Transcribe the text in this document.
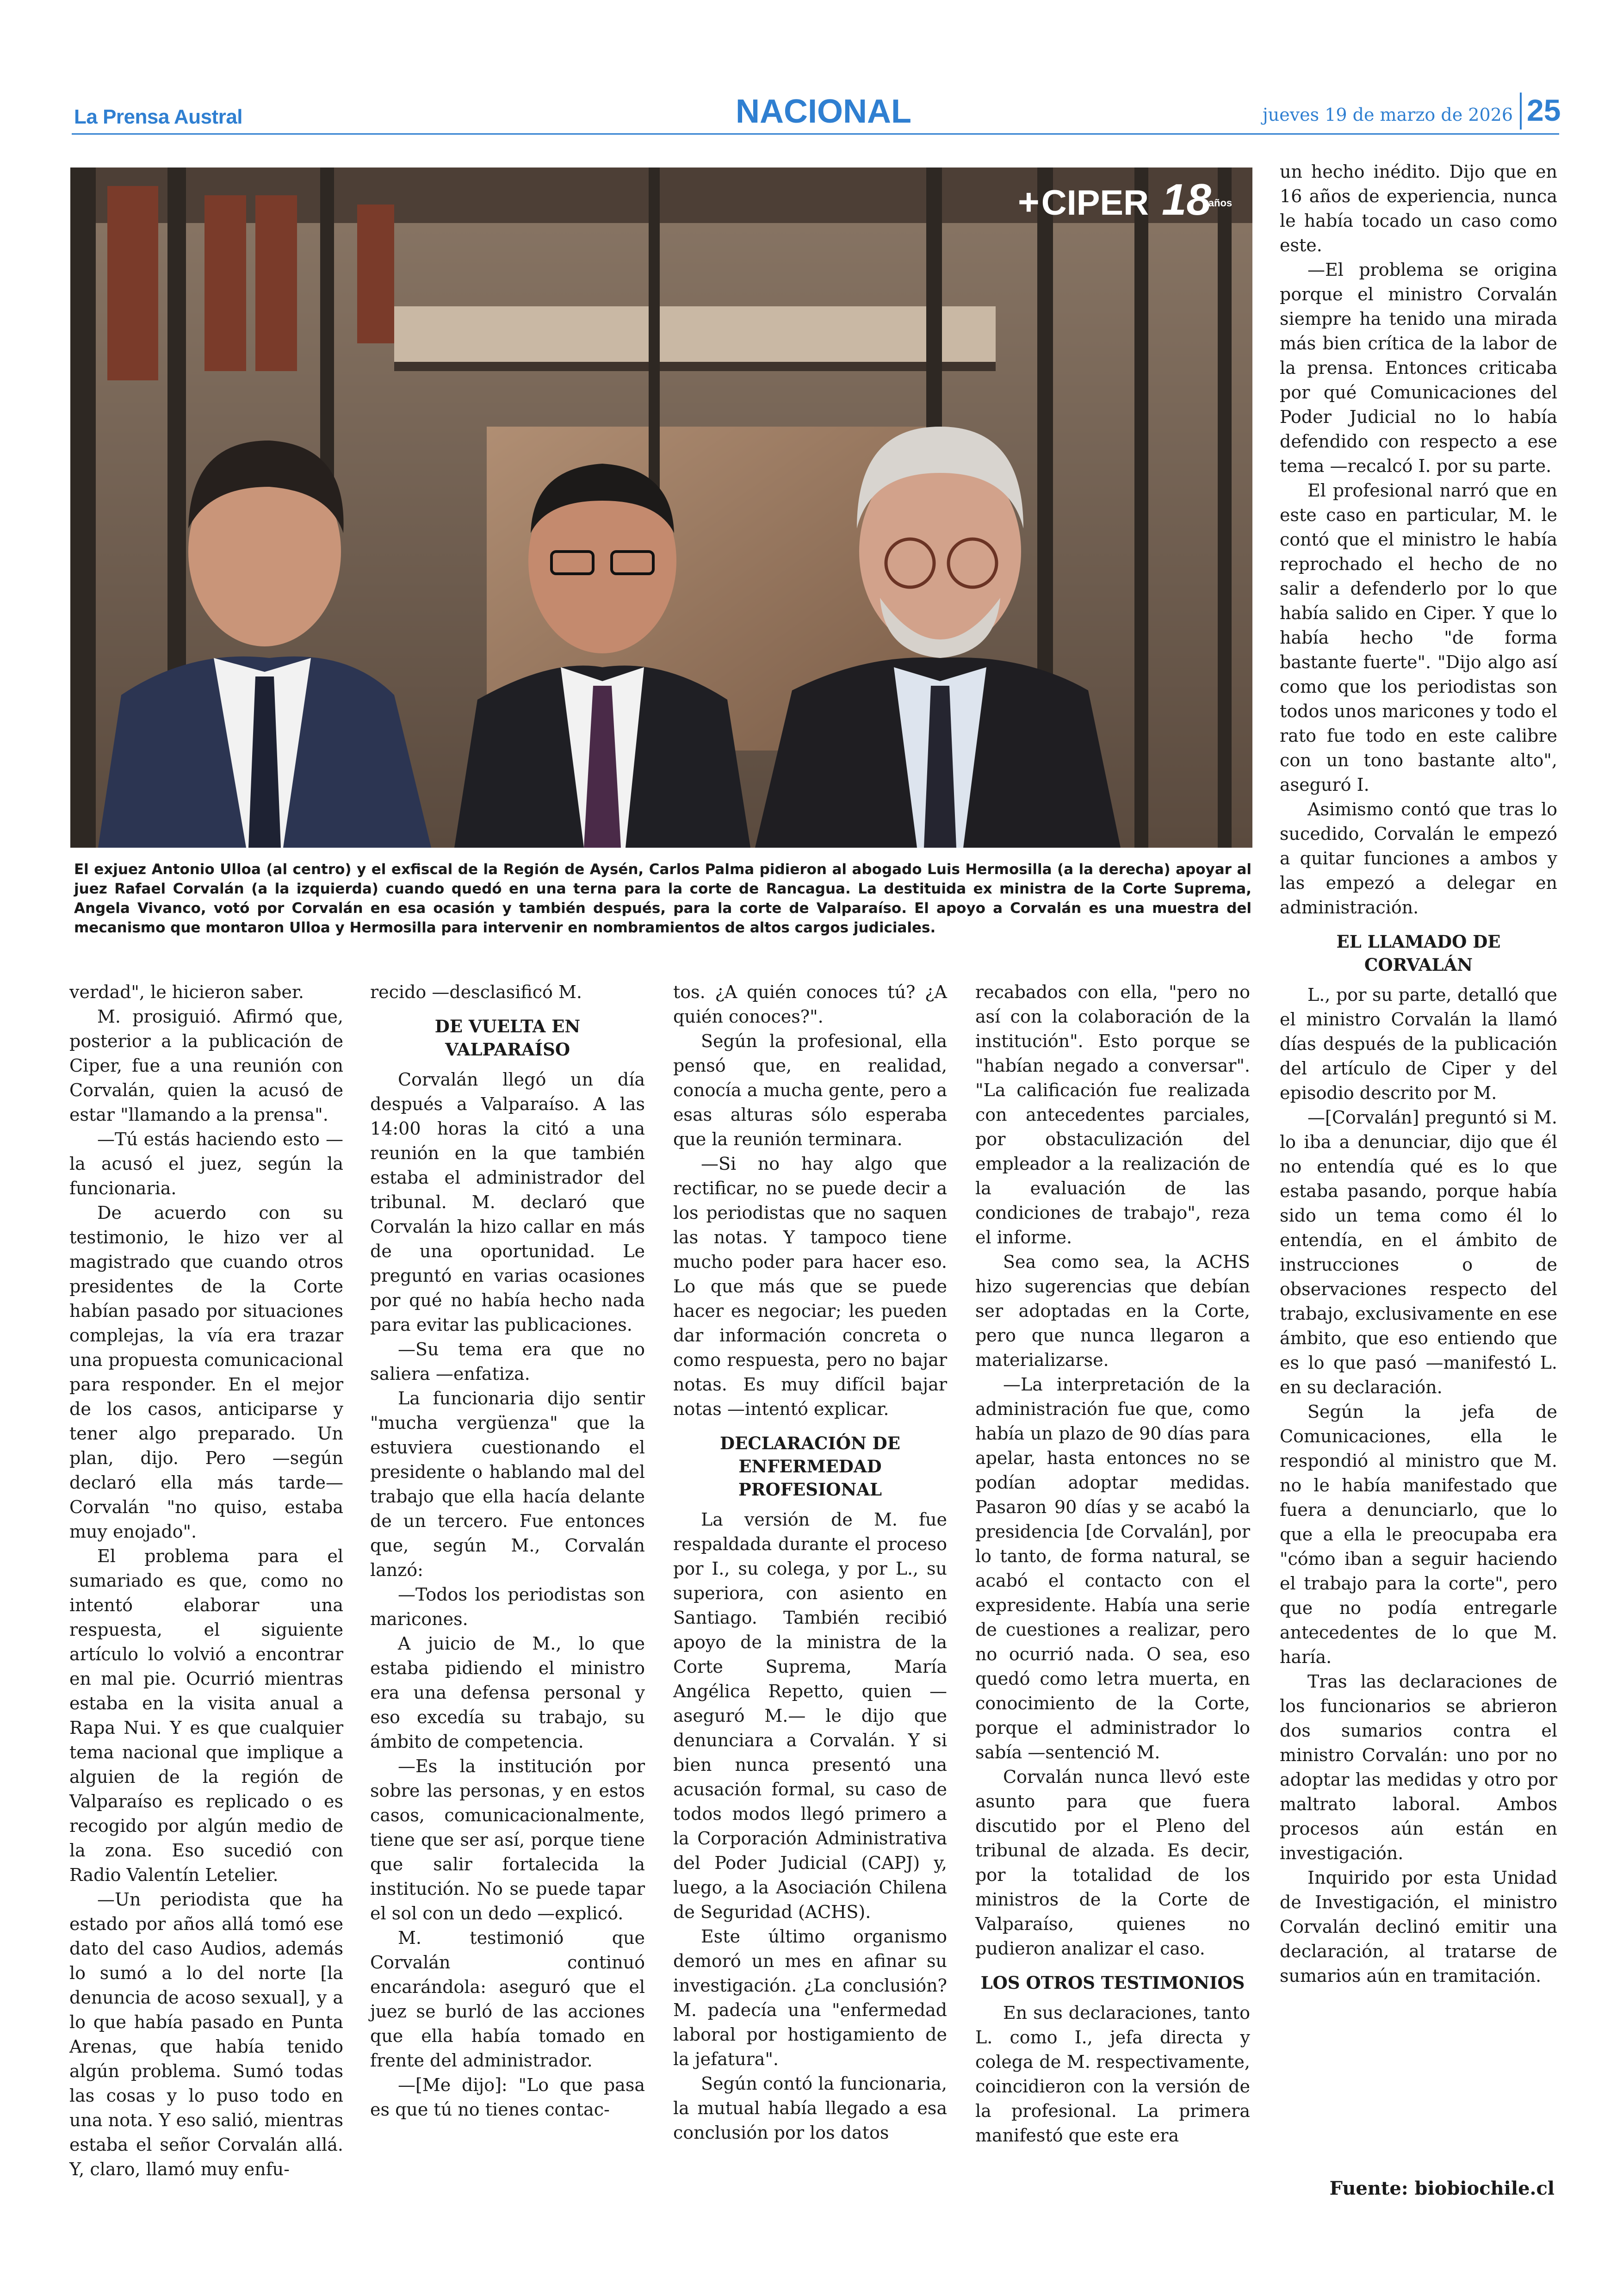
La Prensa Austral	NACIONAL	jueves 19 de marzo de 2026 25
+CIPER 18años
El exjuez Antonio Ulloa (al centro) y el exfiscal de la Región de Aysén, Carlos Palma pidieron al abogado Luis Hermosilla (a la derecha) apoyar al juez Rafael Corvalán (a la izquierda) cuando quedó en una terna para la corte de Rancagua. La destituida ex ministra de la Corte Suprema, Angela Vivanco, votó por Corvalán en esa ocasión y también después, para la corte de Valparaíso. El apoyo a Corvalán es una muestra del mecanismo que montaron Ulloa y Hermosilla para intervenir en nombramientos de altos cargos judiciales.

verdad", le hicieron saber.

M. prosiguió. Afirmó que, posterior a la publicación de Ciper, fue a una reunión con Corvalán, quien la acusó de estar "llamando a la prensa".

—Tú estás haciendo esto —la acusó el juez, según la funcionaria.

De acuerdo con su testimonio, le hizo ver al magistrado que cuando otros presidentes de la Corte habían pasado por situaciones complejas, la vía era trazar una propuesta comunicacional para responder. En el mejor de los casos, anticiparse y tener algo preparado. Un plan, dijo. Pero —según declaró ella más tarde— Corvalán "no quiso, estaba muy enojado".

El problema para el sumariado es que, como no intentó elaborar una respuesta, el siguiente artículo lo volvió a encontrar en mal pie. Ocurrió mientras estaba en la visita anual a Rapa Nui. Y es que cualquier tema nacional que implique a alguien de la región de Valparaíso es replicado o es recogido por algún medio de la zona. Eso sucedió con Radio Valentín Letelier.

—Un periodista que ha estado por años allá tomó ese dato del caso Audios, además lo sumó a lo del norte [la denuncia de acoso sexual], y a lo que había pasado en Punta Arenas, que había tenido algún problema. Sumó todas las cosas y lo puso todo en una nota. Y eso salió, mientras estaba el señor Corvalán allá. Y, claro, llamó muy enfu-

recido —desclasificó M.

DE VUELTA EN VALPARAÍSO

Corvalán llegó un día después a Valparaíso. A las 14:00 horas la citó a una reunión en la que también estaba el administrador del tribunal. M. declaró que Corvalán la hizo callar en más de una oportunidad. Le preguntó en varias ocasiones por qué no había hecho nada para evitar las publicaciones.

—Su tema era que no saliera —enfatiza.

La funcionaria dijo sentir "mucha vergüenza" que la estuviera cuestionando el presidente o hablando mal del trabajo que ella hacía delante de un tercero. Fue entonces que, según M., Corvalán lanzó:

—Todos los periodistas son maricones.

A juicio de M., lo que estaba pidiendo el ministro era una defensa personal y eso excedía su trabajo, su ámbito de competencia.

—Es la institución por sobre las personas, y en estos casos, comunicacionalmente, tiene que ser así, porque tiene que salir fortalecida la institución. No se puede tapar el sol con un dedo —explicó.

M. testimonió que Corvalán continuó encarándola: aseguró que el juez se burló de las acciones que ella había tomado en frente del administrador.

—[Me dijo]: "Lo que pasa es que tú no tienes contac-

tos. ¿A quién conoces tú? ¿A quién conoces?".

Según la profesional, ella pensó que, en realidad, conocía a mucha gente, pero a esas alturas sólo esperaba que la reunión terminara.

—Si no hay algo que rectificar, no se puede decir a los periodistas que no saquen las notas. Y tampoco tiene mucho poder para hacer eso. Lo que más que se puede hacer es negociar; les pueden dar información concreta o como respuesta, pero no bajar notas. Es muy difícil bajar notas —intentó explicar.

DECLARACIÓN DE ENFERMEDAD PROFESIONAL

La versión de M. fue respaldada durante el proceso por I., su colega, y por L., su superiora, con asiento en Santiago. También recibió apoyo de la ministra de la Corte Suprema, María Angélica Repetto, quien —aseguró M.— le dijo que denunciara a Corvalán. Y si bien nunca presentó una acusación formal, su caso de todos modos llegó primero a la Corporación Administrativa del Poder Judicial (CAPJ) y, luego, a la Asociación Chilena de Seguridad (ACHS).

Este último organismo demoró un mes en afinar su investigación. ¿La conclusión? M. padecía una "enfermedad laboral por hostigamiento de la jefatura".

Según contó la funcionaria, la mutual había llegado a esa conclusión por los datos

recabados con ella, "pero no así con la colaboración de la institución". Esto porque se "habían negado a conversar". "La calificación fue realizada con antecedentes parciales, por obstaculización del empleador a la realización de la evaluación de las condiciones de trabajo", reza el informe.

Sea como sea, la ACHS hizo sugerencias que debían ser adoptadas en la Corte, pero que nunca llegaron a materializarse.

—La interpretación de la administración fue que, como había un plazo de 90 días para apelar, hasta entonces no se podían adoptar medidas. Pasaron 90 días y se acabó la presidencia [de Corvalán], por lo tanto, de forma natural, se acabó el contacto con el expresidente. Había una serie de cuestiones a realizar, pero no ocurrió nada. O sea, eso quedó como letra muerta, en conocimiento de la Corte, porque el administrador lo sabía —sentenció M.

Corvalán nunca llevó este asunto para que fuera discutido por el Pleno del tribunal de alzada. Es decir, por la totalidad de los ministros de la Corte de Valparaíso, quienes no pudieron analizar el caso.

LOS OTROS TESTIMONIOS

En sus declaraciones, tanto L. como I., jefa directa y colega de M. respectivamente, coincidieron con la versión de la profesional. La primera manifestó que este era

un hecho inédito. Dijo que en 16 años de experiencia, nunca le había tocado un caso como este.

—El problema se origina porque el ministro Corvalán siempre ha tenido una mirada más bien crítica de la labor de la prensa. Entonces criticaba por qué Comunicaciones del Poder Judicial no lo había defendido con respecto a ese tema —recalcó I. por su parte.

El profesional narró que en este caso en particular, M. le contó que el ministro le había reprochado el hecho de no salir a defenderlo por lo que había salido en Ciper. Y que lo había hecho "de forma bastante fuerte". "Dijo algo así como que los periodistas son todos unos maricones y todo el rato fue todo en este calibre con un tono bastante alto", aseguró I.

Asimismo contó que tras lo sucedido, Corvalán le empezó a quitar funciones a ambos y las empezó a delegar en administración.

EL LLAMADO DE CORVALÁN

L., por su parte, detalló que el ministro Corvalán la llamó días después de la publicación del artículo de Ciper y del episodio descrito por M.

—[Corvalán] preguntó si M. lo iba a denunciar, dijo que él no entendía qué es lo que estaba pasando, porque había sido un tema como él lo entendía, en el ámbito de instrucciones o de observaciones respecto del trabajo, exclusivamente en ese ámbito, que eso entiendo que es lo que pasó —manifestó L. en su declaración.

Según la jefa de Comunicaciones, ella le respondió al ministro que M. no le había manifestado que fuera a denunciarlo, que lo que a ella le preocupaba era "cómo iban a seguir haciendo el trabajo para la corte", pero que no podía entregarle antecedentes de lo que M. haría.

Tras las declaraciones de los funcionarios se abrieron dos sumarios contra el ministro Corvalán: uno por no adoptar las medidas y otro por maltrato laboral. Ambos procesos aún están en investigación.

Inquirido por esta Unidad de Investigación, el ministro Corvalán declinó emitir una declaración, al tratarse de sumarios aún en tramitación.

Fuente: biobiochile.cl
